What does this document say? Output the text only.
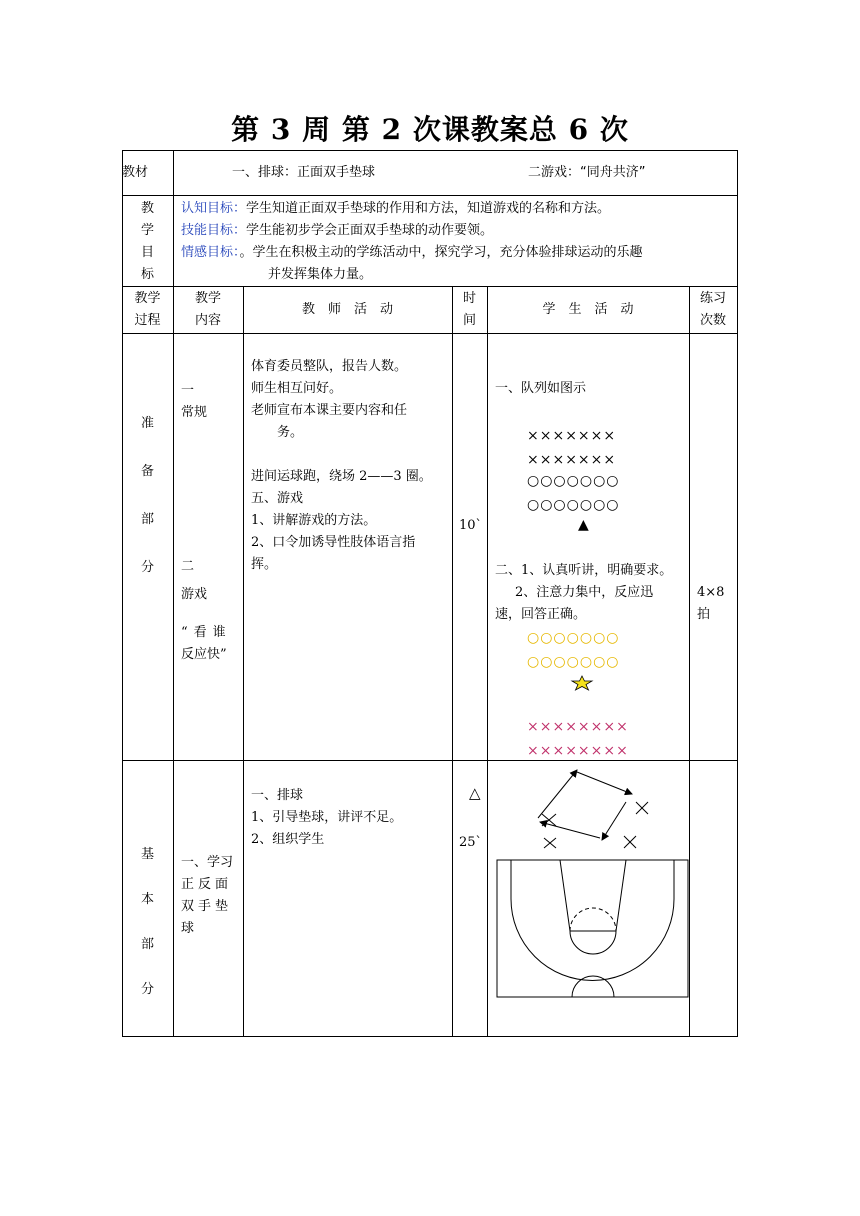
第 3 周 第 2 次课教案总 6 次
教材	一、排球：正面双手垫球	二游戏：“同舟共济”
教
学
目
标
认知目标：学生知道正面双手垫球的作用和方法，知道游戏的名称和方法。
技能目标：学生能初步学会正面双手垫球的动作要领。
情感目标：。学生在积极主动的学练活动中，探究学习，充分体验排球运动的乐趣
并发挥集体力量。
教学
过程
教学
内容
教　师　活　动
时
间
学　生　活　动
练习
次数
准
备
部
分
一
常规
二
游戏
“看谁
反应快”
体育委员整队，报告人数。
师生相互问好。
老师宣布本课主要内容和任
务。
进间运球跑，绕场 2——3 圈。
五、游戏
1、讲解游戏的方法。
2、口令加诱导性肢体语言指
挥。
10`
一、队列如图示
×××××××
×××××××
○○○○○○○
○○○○○○○
▲
二、1、认真听讲，明确要求。
2、注意力集中，反应迅
速，回答正确。
○○○○○○○
○○○○○○○
××××××××
××××××××
4×8
拍
基
本
部
分
一、学习
正反面
双手垫
球
一、排球
1、引导垫球，讲评不足。
2、组织学生
△
25`
